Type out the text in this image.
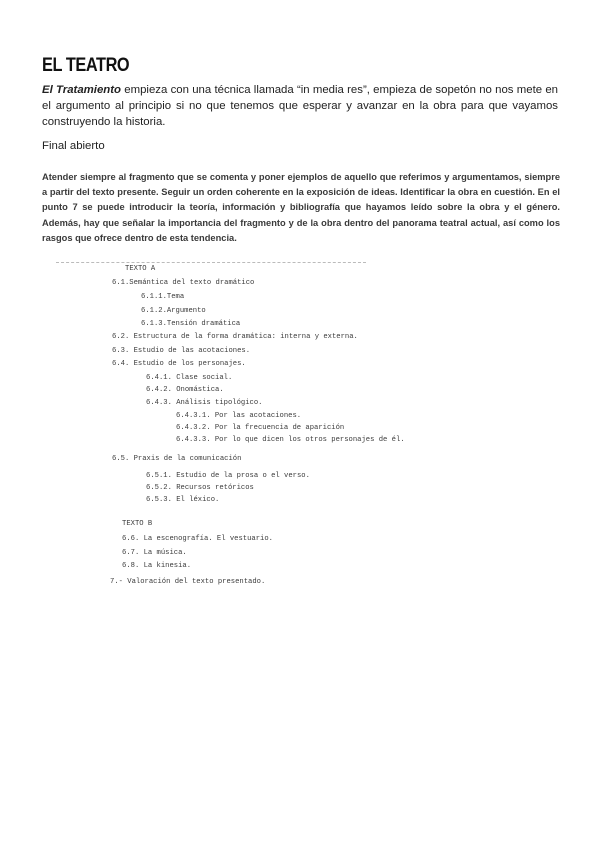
EL TEATRO
El Tratamiento empieza con una técnica llamada “in media res”, empieza de sopetón no nos mete en el argumento al principio si no que tenemos que esperar y avanzar en la obra para que vayamos construyendo la historia.
Final abierto
Atender siempre al fragmento que se comenta y poner ejemplos de aquello que referimos y argumentamos, siempre a partir del texto presente. Seguir un orden coherente en la exposición de ideas. Identificar la obra en cuestión. En el punto 7 se puede introducir la teoría, información y bibliografía que hayamos leído sobre la obra y el género. Además, hay que señalar la importancia del fragmento y de la obra dentro del panorama teatral actual, así como los rasgos que ofrece dentro de esta tendencia.
TEXTO A
6.1.Semántica del texto dramático
6.1.1.Tema
6.1.2.Argumento
6.1.3.Tensión dramática
6.2. Estructura de la forma dramática: interna y externa.
6.3. Estudio de las acotaciones.
6.4. Estudio de los personajes.
6.4.1. Clase social.
6.4.2. Onomástica.
6.4.3. Análisis tipológico.
6.4.3.1. Por las acotaciones.
6.4.3.2. Por la frecuencia de aparición
6.4.3.3. Por lo que dicen los otros personajes de él.
6.5. Praxis de la comunicación
6.5.1. Estudio de la prosa o el verso.
6.5.2. Recursos retóricos
6.5.3. El léxico.
TEXTO B
6.6. La escenografía. El vestuario.
6.7. La música.
6.8. La kinesia.
7.- Valoración del texto presentado.
